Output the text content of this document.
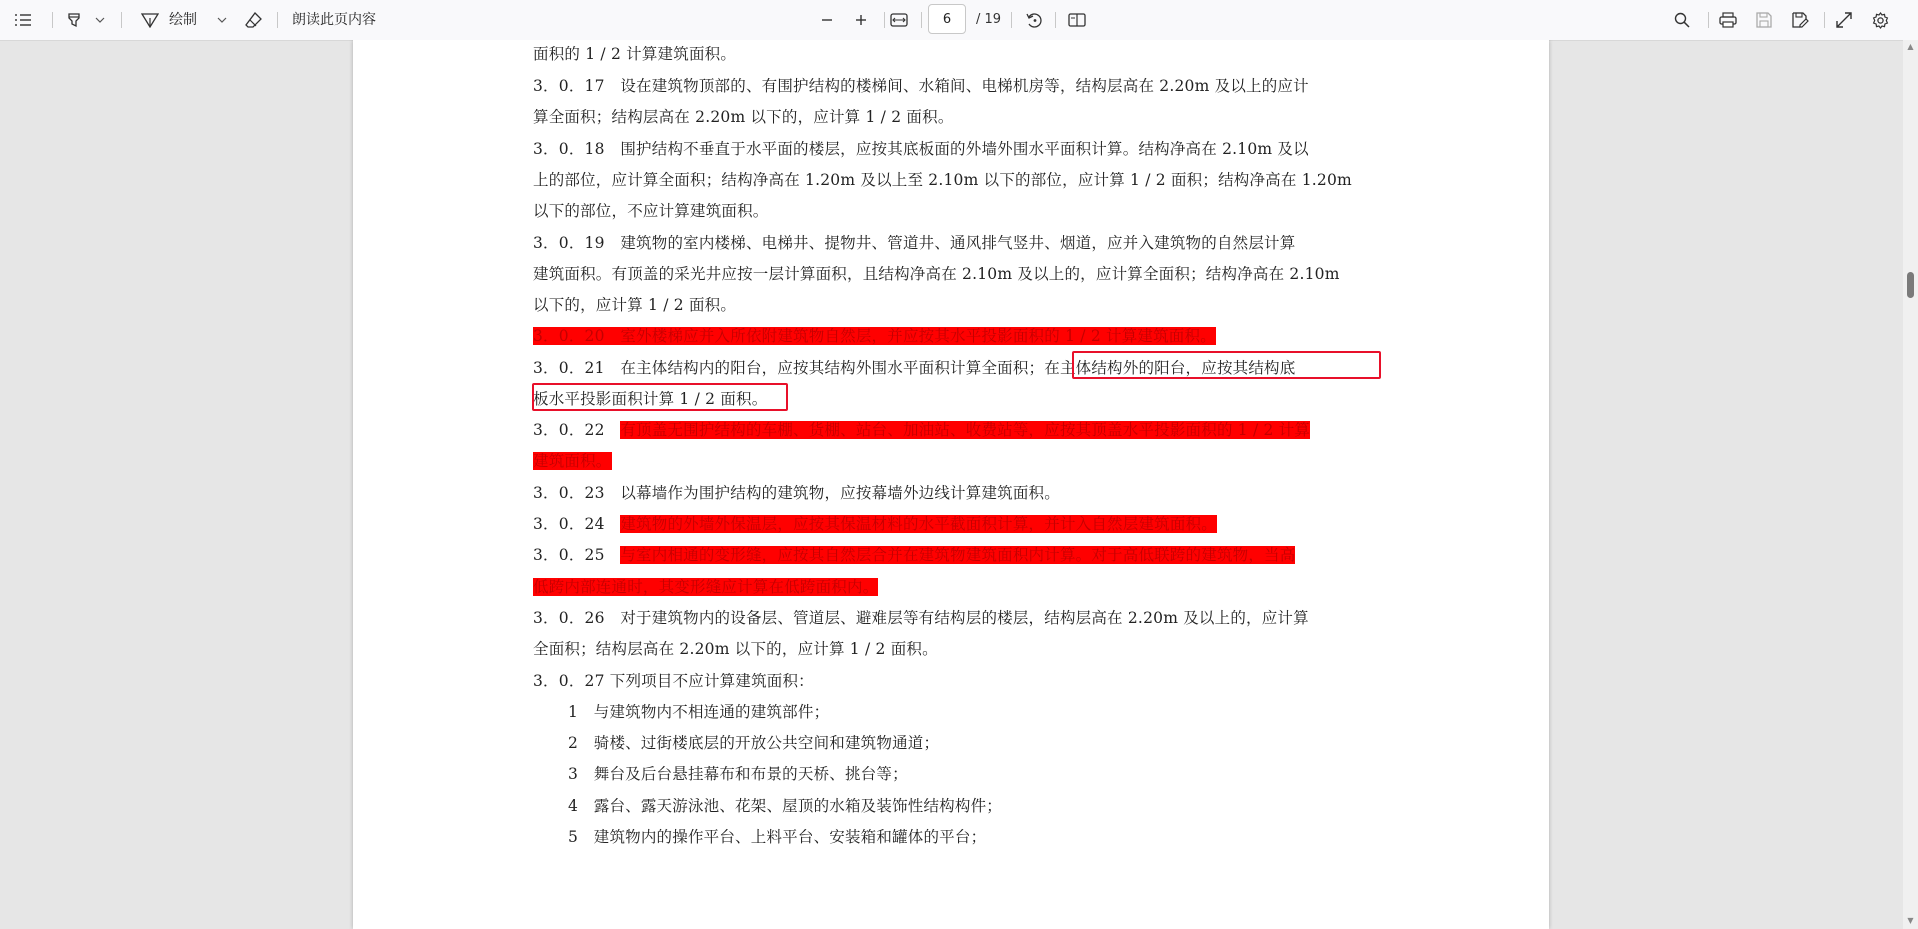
绘制	朗读此页内容
6	/ 19
面积的 1 / 2 计算建筑面积。
3．0．17　设在建筑物顶部的、有围护结构的楼梯间、水箱间、电梯机房等，结构层高在 2.20m 及以上的应计
算全面积；结构层高在 2.20m 以下的，应计算 1 / 2 面积。
3．0．18　围护结构不垂直于水平面的楼层，应按其底板面的外墙外围水平面积计算。结构净高在 2.10m 及以
上的部位，应计算全面积；结构净高在 1.20m 及以上至 2.10m 以下的部位，应计算 1 / 2 面积；结构净高在 1.20m
以下的部位，不应计算建筑面积。
3．0．19　建筑物的室内楼梯、电梯井、提物井、管道井、通风排气竖井、烟道，应并入建筑物的自然层计算
建筑面积。有顶盖的采光井应按一层计算面积，且结构净高在 2.10m 及以上的，应计算全面积；结构净高在 2.10m
以下的，应计算 1 / 2 面积。
3．0．20　室外楼梯应并入所依附建筑物自然层，并应按其水平投影面积的 1 / 2 计算建筑面积。
3．0．21　在主体结构内的阳台，应按其结构外围水平面积计算全面积；在主体结构外的阳台，应按其结构底
板水平投影面积计算 1 / 2 面积。
3．0．22　有顶盖无围护结构的车棚、货棚、站台、加油站、收费站等，应按其顶盖水平投影面积的 1 / 2 计算
建筑面积。
3．0．23　以幕墙作为围护结构的建筑物，应按幕墙外边线计算建筑面积。
3．0．24　建筑物的外墙外保温层，应按其保温材料的水平截面积计算，并计入自然层建筑面积。
3．0．25　与室内相通的变形缝，应按其自然层合并在建筑物建筑面积内计算。对于高低联跨的建筑物，当高
低跨内部连通时，其变形缝应计算在低跨面积内。
3．0．26　对于建筑物内的设备层、管道层、避难层等有结构层的楼层，结构层高在 2.20m 及以上的，应计算
全面积；结构层高在 2.20m 以下的，应计算 1 / 2 面积。
3．0．27 下列项目不应计算建筑面积：
1　与建筑物内不相连通的建筑部件；
2　骑楼、过街楼底层的开放公共空间和建筑物通道；
3　舞台及后台悬挂幕布和布景的天桥、挑台等；
4　露台、露天游泳池、花架、屋顶的水箱及装饰性结构构件；
5　建筑物内的操作平台、上料平台、安装箱和罐体的平台；
▲
▼
